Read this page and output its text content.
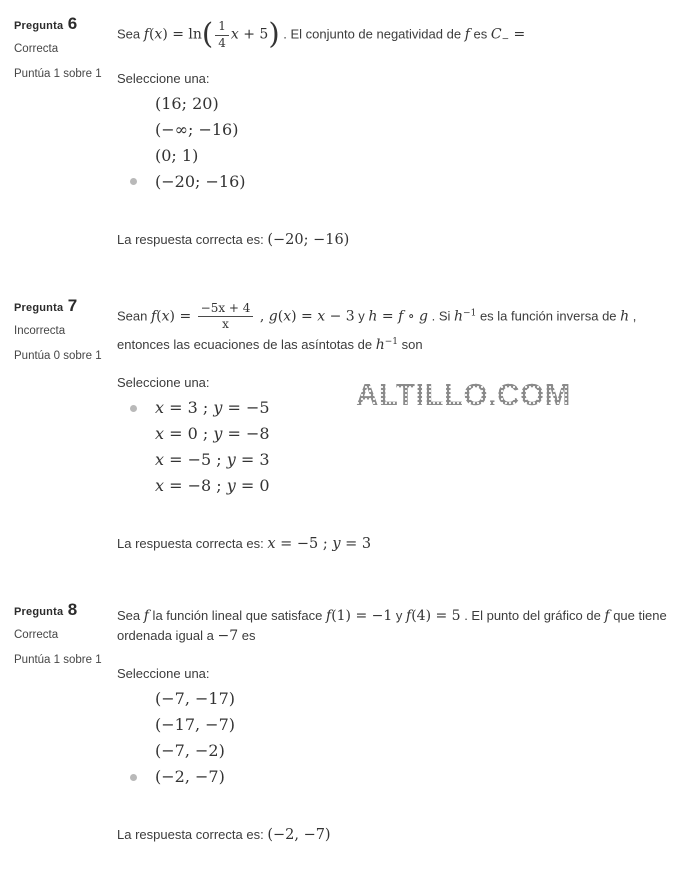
Pregunta 6
Correcta
Puntúa 1 sobre 1
Sea $f(x) = \ln( \frac{1}{4}$ x + 5) . El conjunto de negatividad de f es $C_-$ =
Seleccione una:
(16; 20)
(−∞; −16)
(0; 1)
(−20; −16)
La respuesta correcta es: (−20; −16)
Pregunta 7
Incorrecta
Puntúa 0 sobre 1
Sean $f(x) = \frac{-5x + 4}{x}$ , g(x) = x − 3 y h = f ∘ g . Si $h^{-1}$ es la función inversa de h , entonces las ecuaciones de las asíntotas de $h^{-1}$ son
Seleccione una:
x = 3 ; y = −5
x = 0 ; y = −8
x = −5 ; y = 3
x = −8 ; y = 0
La respuesta correcta es: x = −5 ; y = 3
Pregunta 8
Correcta
Puntúa 1 sobre 1
Sea f la función lineal que satisface f(1) = −1 y f(4) = 5 . El punto del gráfico de f que tiene ordenada igual a −7 es
Seleccione una:
(−7, −17)
(−17, −7)
(−7, −2)
(−2, −7)
La respuesta correcta es: (−2, −7)
ALTILLO.COM
